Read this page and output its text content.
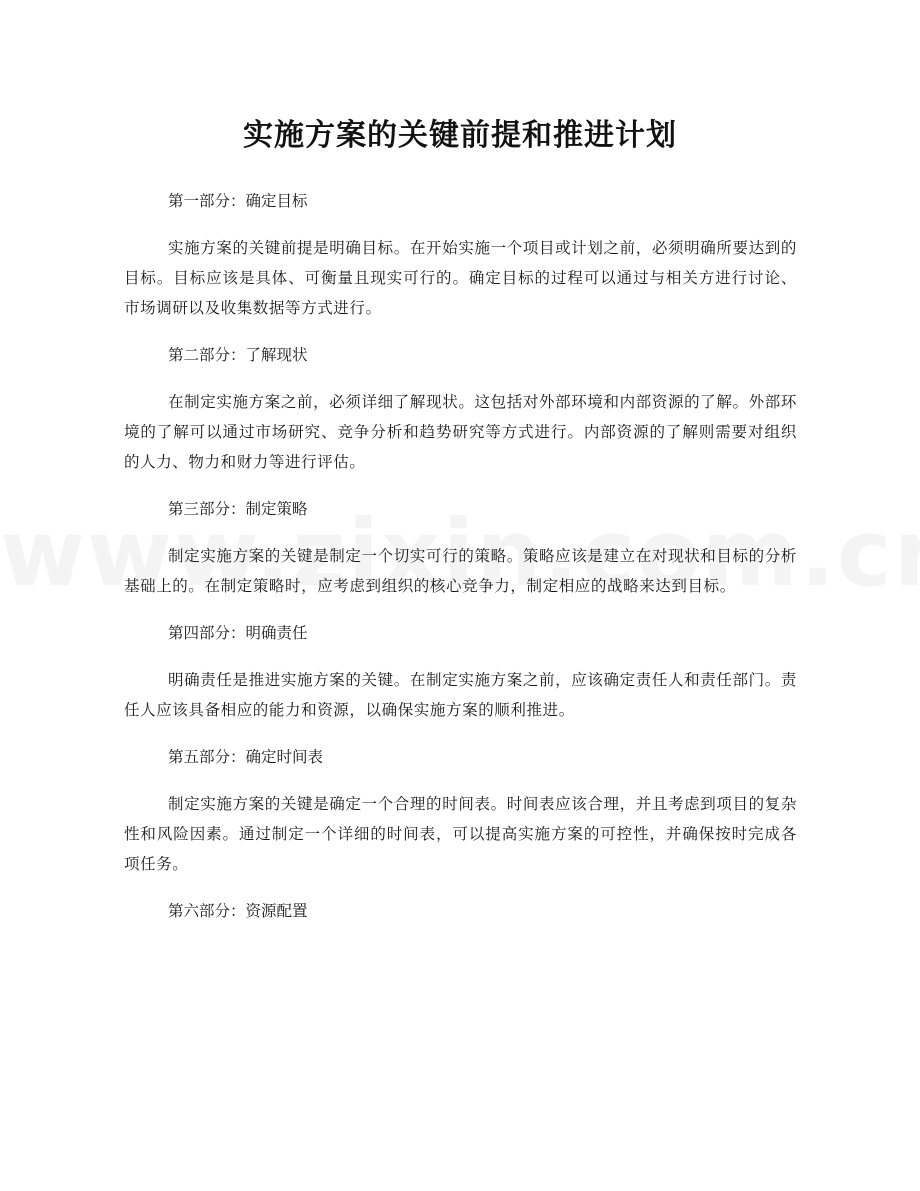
实施方案的关键前提和推进计划

第一部分：确定目标

实施方案的关键前提是明确目标。在开始实施一个项目或计划之前，必须明确所要达到的目标。目标应该是具体、可衡量且现实可行的。确定目标的过程可以通过与相关方进行讨论、市场调研以及收集数据等方式进行。

第二部分：了解现状

在制定实施方案之前，必须详细了解现状。这包括对外部环境和内部资源的了解。外部环境的了解可以通过市场研究、竞争分析和趋势研究等方式进行。内部资源的了解则需要对组织的人力、物力和财力等进行评估。

第三部分：制定策略

制定实施方案的关键是制定一个切实可行的策略。策略应该是建立在对现状和目标的分析基础上的。在制定策略时，应考虑到组织的核心竞争力，制定相应的战略来达到目标。

第四部分：明确责任

明确责任是推进实施方案的关键。在制定实施方案之前，应该确定责任人和责任部门。责任人应该具备相应的能力和资源，以确保实施方案的顺利推进。

第五部分：确定时间表

制定实施方案的关键是确定一个合理的时间表。时间表应该合理，并且考虑到项目的复杂性和风险因素。通过制定一个详细的时间表，可以提高实施方案的可控性，并确保按时完成各项任务。

第六部分：资源配置
